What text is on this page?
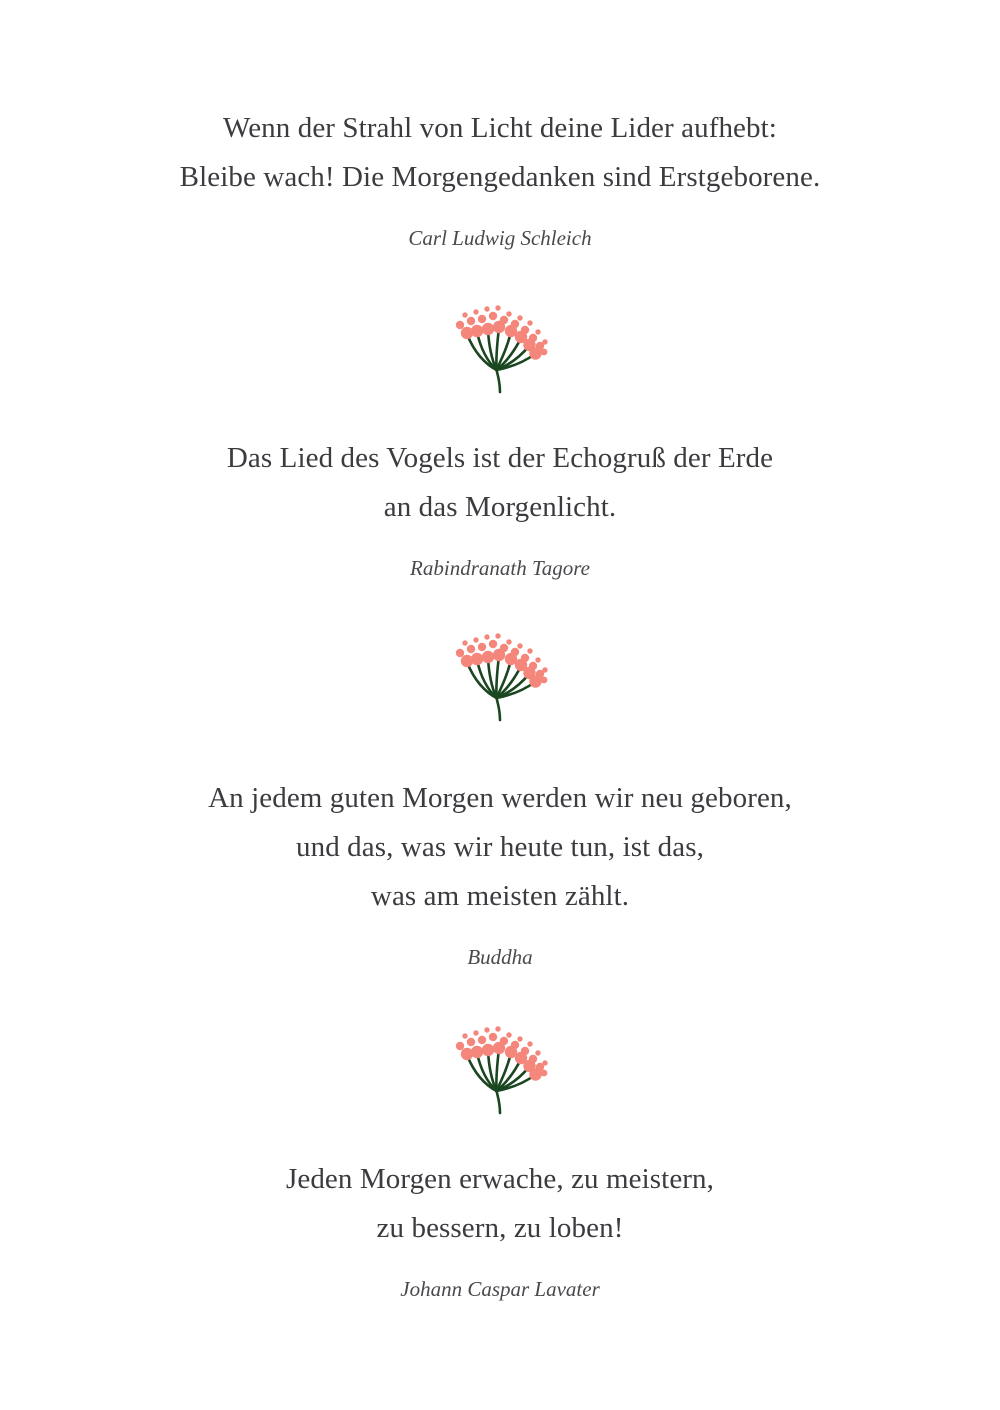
Wenn der Strahl von Licht deine Lider aufhebt:
Bleibe wach! Die Morgengedanken sind Erstgeborene.
Carl Ludwig Schleich
Das Lied des Vogels ist der Echogruß der Erde
an das Morgenlicht.
Rabindranath Tagore
An jedem guten Morgen werden wir neu geboren,
und das, was wir heute tun, ist das,
was am meisten zählt.
Buddha
Jeden Morgen erwache, zu meistern,
zu bessern, zu loben!
Johann Caspar Lavater
